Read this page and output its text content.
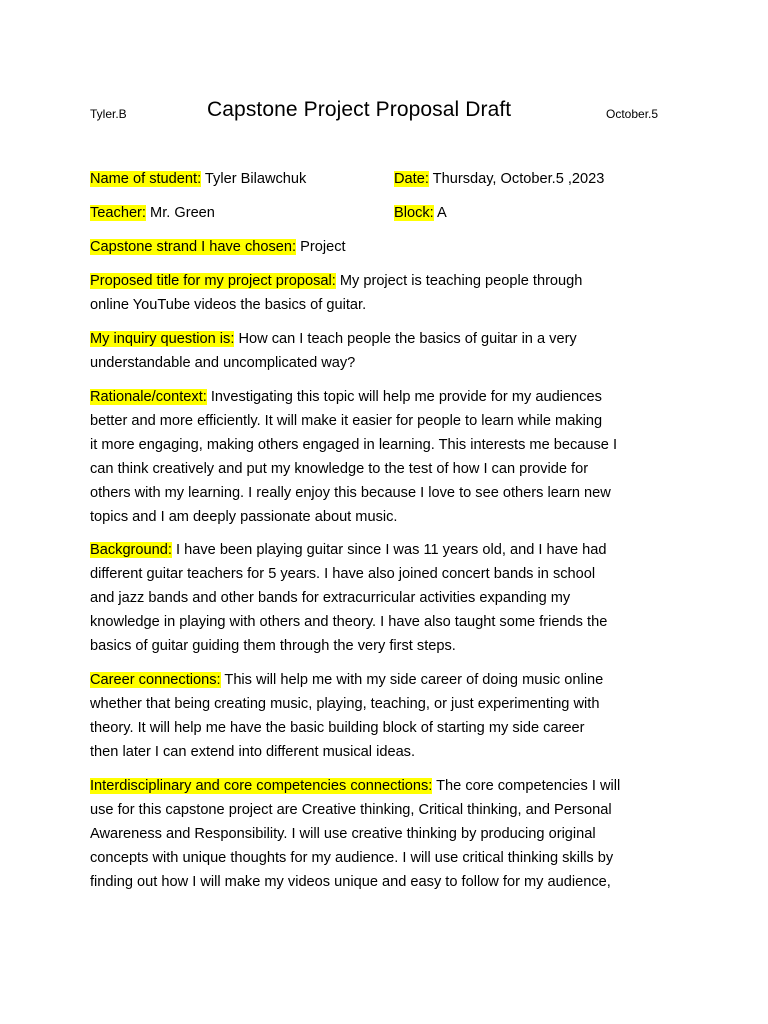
Tyler.B	Capstone Project Proposal Draft	October.5
Name of student: Tyler Bilawchuk	Date: Thursday, October.5 ,2023
Teacher: Mr. Green	Block: A
Capstone strand I have chosen: Project
Proposed title for my project proposal: My project is teaching people through
online YouTube videos the basics of guitar.
My inquiry question is: How can I teach people the basics of guitar in a very
understandable and uncomplicated way?
Rationale/context: Investigating this topic will help me provide for my audiences
better and more efficiently. It will make it easier for people to learn while making
it more engaging, making others engaged in learning. This interests me because I
can think creatively and put my knowledge to the test of how I can provide for
others with my learning. I really enjoy this because I love to see others learn new
topics and I am deeply passionate about music.
Background: I have been playing guitar since I was 11 years old, and I have had
different guitar teachers for 5 years. I have also joined concert bands in school
and jazz bands and other bands for extracurricular activities expanding my
knowledge in playing with others and theory. I have also taught some friends the
basics of guitar guiding them through the very first steps.
Career connections: This will help me with my side career of doing music online
whether that being creating music, playing, teaching, or just experimenting with
theory. It will help me have the basic building block of starting my side career
then later I can extend into different musical ideas.
Interdisciplinary and core competencies connections: The core competencies I will
use for this capstone project are Creative thinking, Critical thinking, and Personal
Awareness and Responsibility. I will use creative thinking by producing original
concepts with unique thoughts for my audience. I will use critical thinking skills by
finding out how I will make my videos unique and easy to follow for my audience,
